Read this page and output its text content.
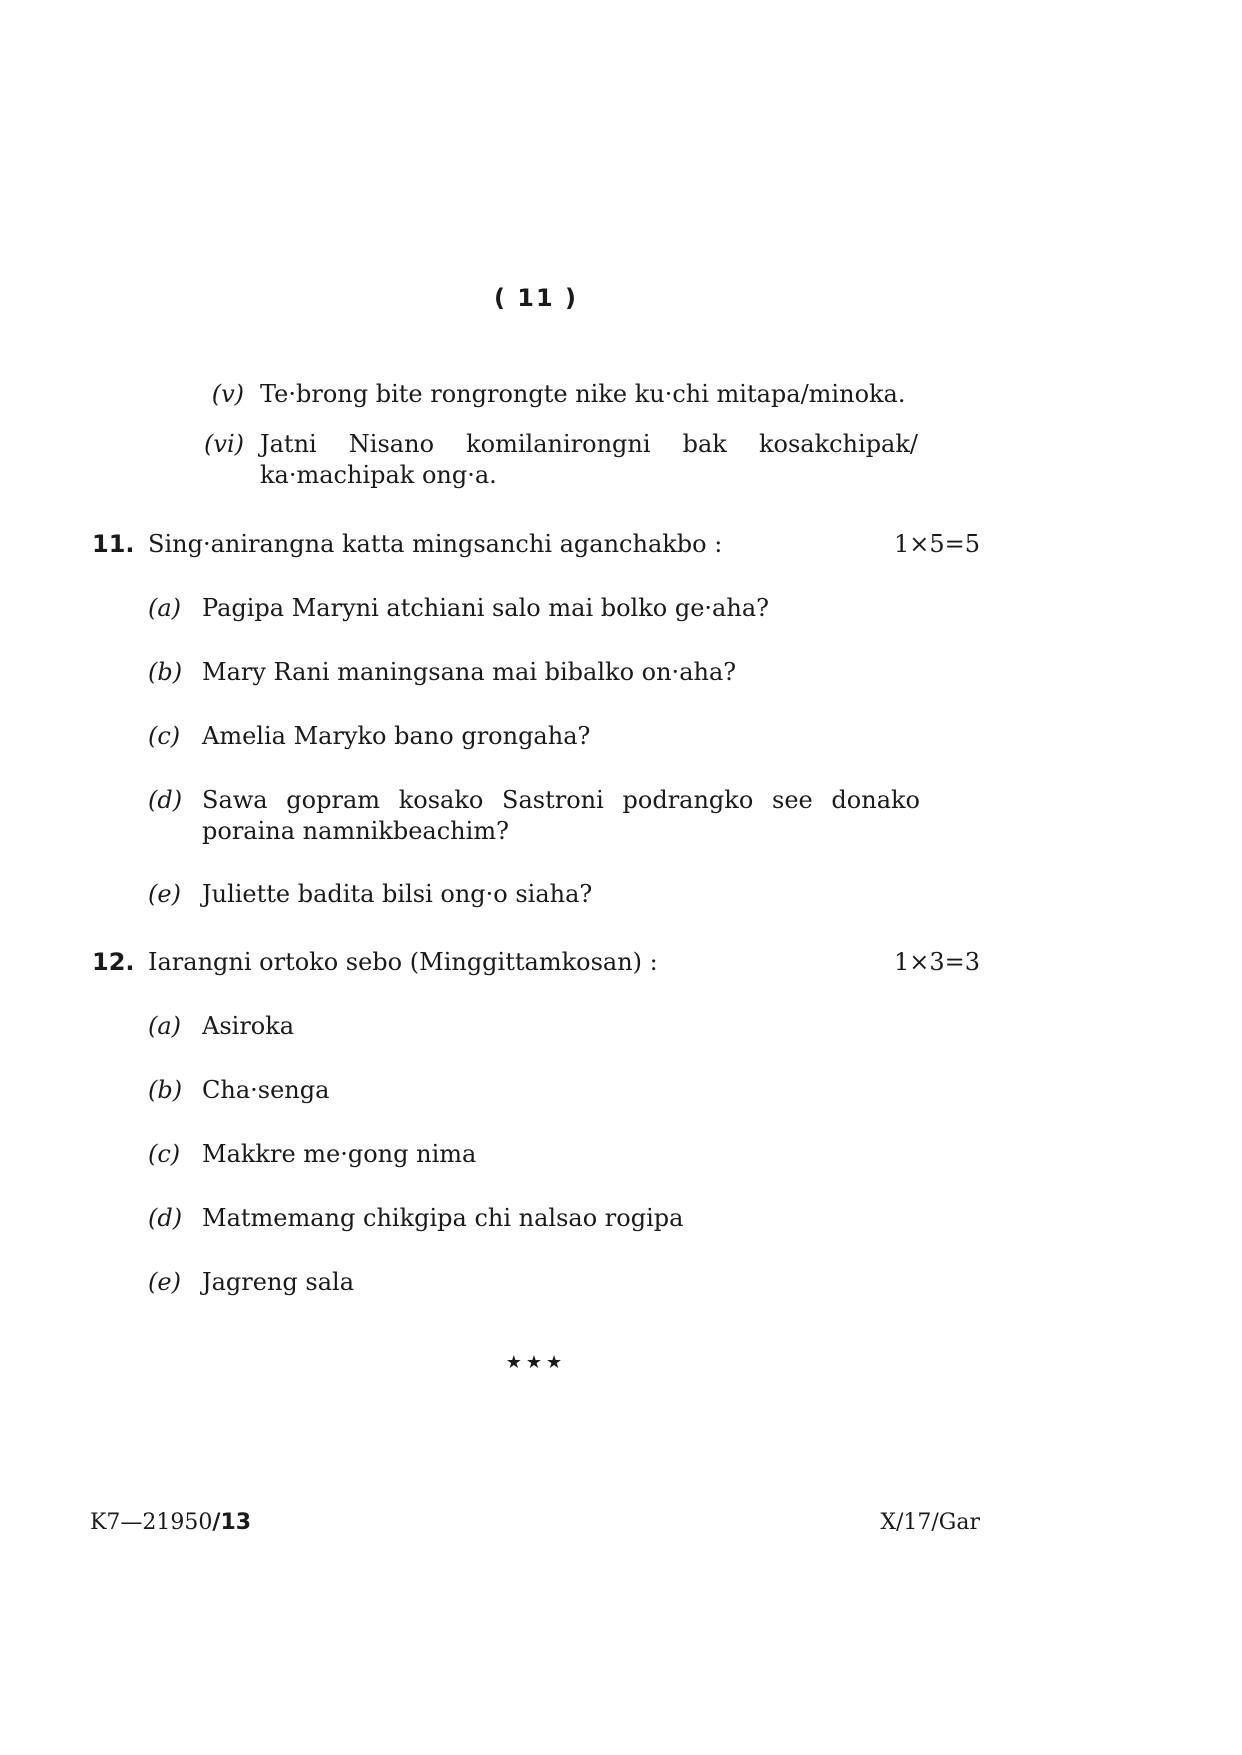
( 11 )
(v) Te·brong bite rongrongte nike ku·chi mitapa/minoka.
(vi) Jatni Nisano komilanirongni bak kosakchipak/
ka·machipak ong·a.
11. Sing·anirangna katta mingsanchi aganchakbo :	1×5=5
(a) Pagipa Maryni atchiani salo mai bolko ge·aha?
(b) Mary Rani maningsana mai bibalko on·aha?
(c) Amelia Maryko bano grongaha?
(d) Sawa gopram kosako Sastroni podrangko see donako
poraina namnikbeachim?
(e) Juliette badita bilsi ong·o siaha?
12. Iarangni ortoko sebo (Minggittamkosan) :	1×3=3
(a) Asiroka
(b) Cha·senga
(c) Makkre me·gong nima
(d) Matmemang chikgipa chi nalsao rogipa
(e) Jagreng sala
★★★
K7—21950/13	X/17/Gar
